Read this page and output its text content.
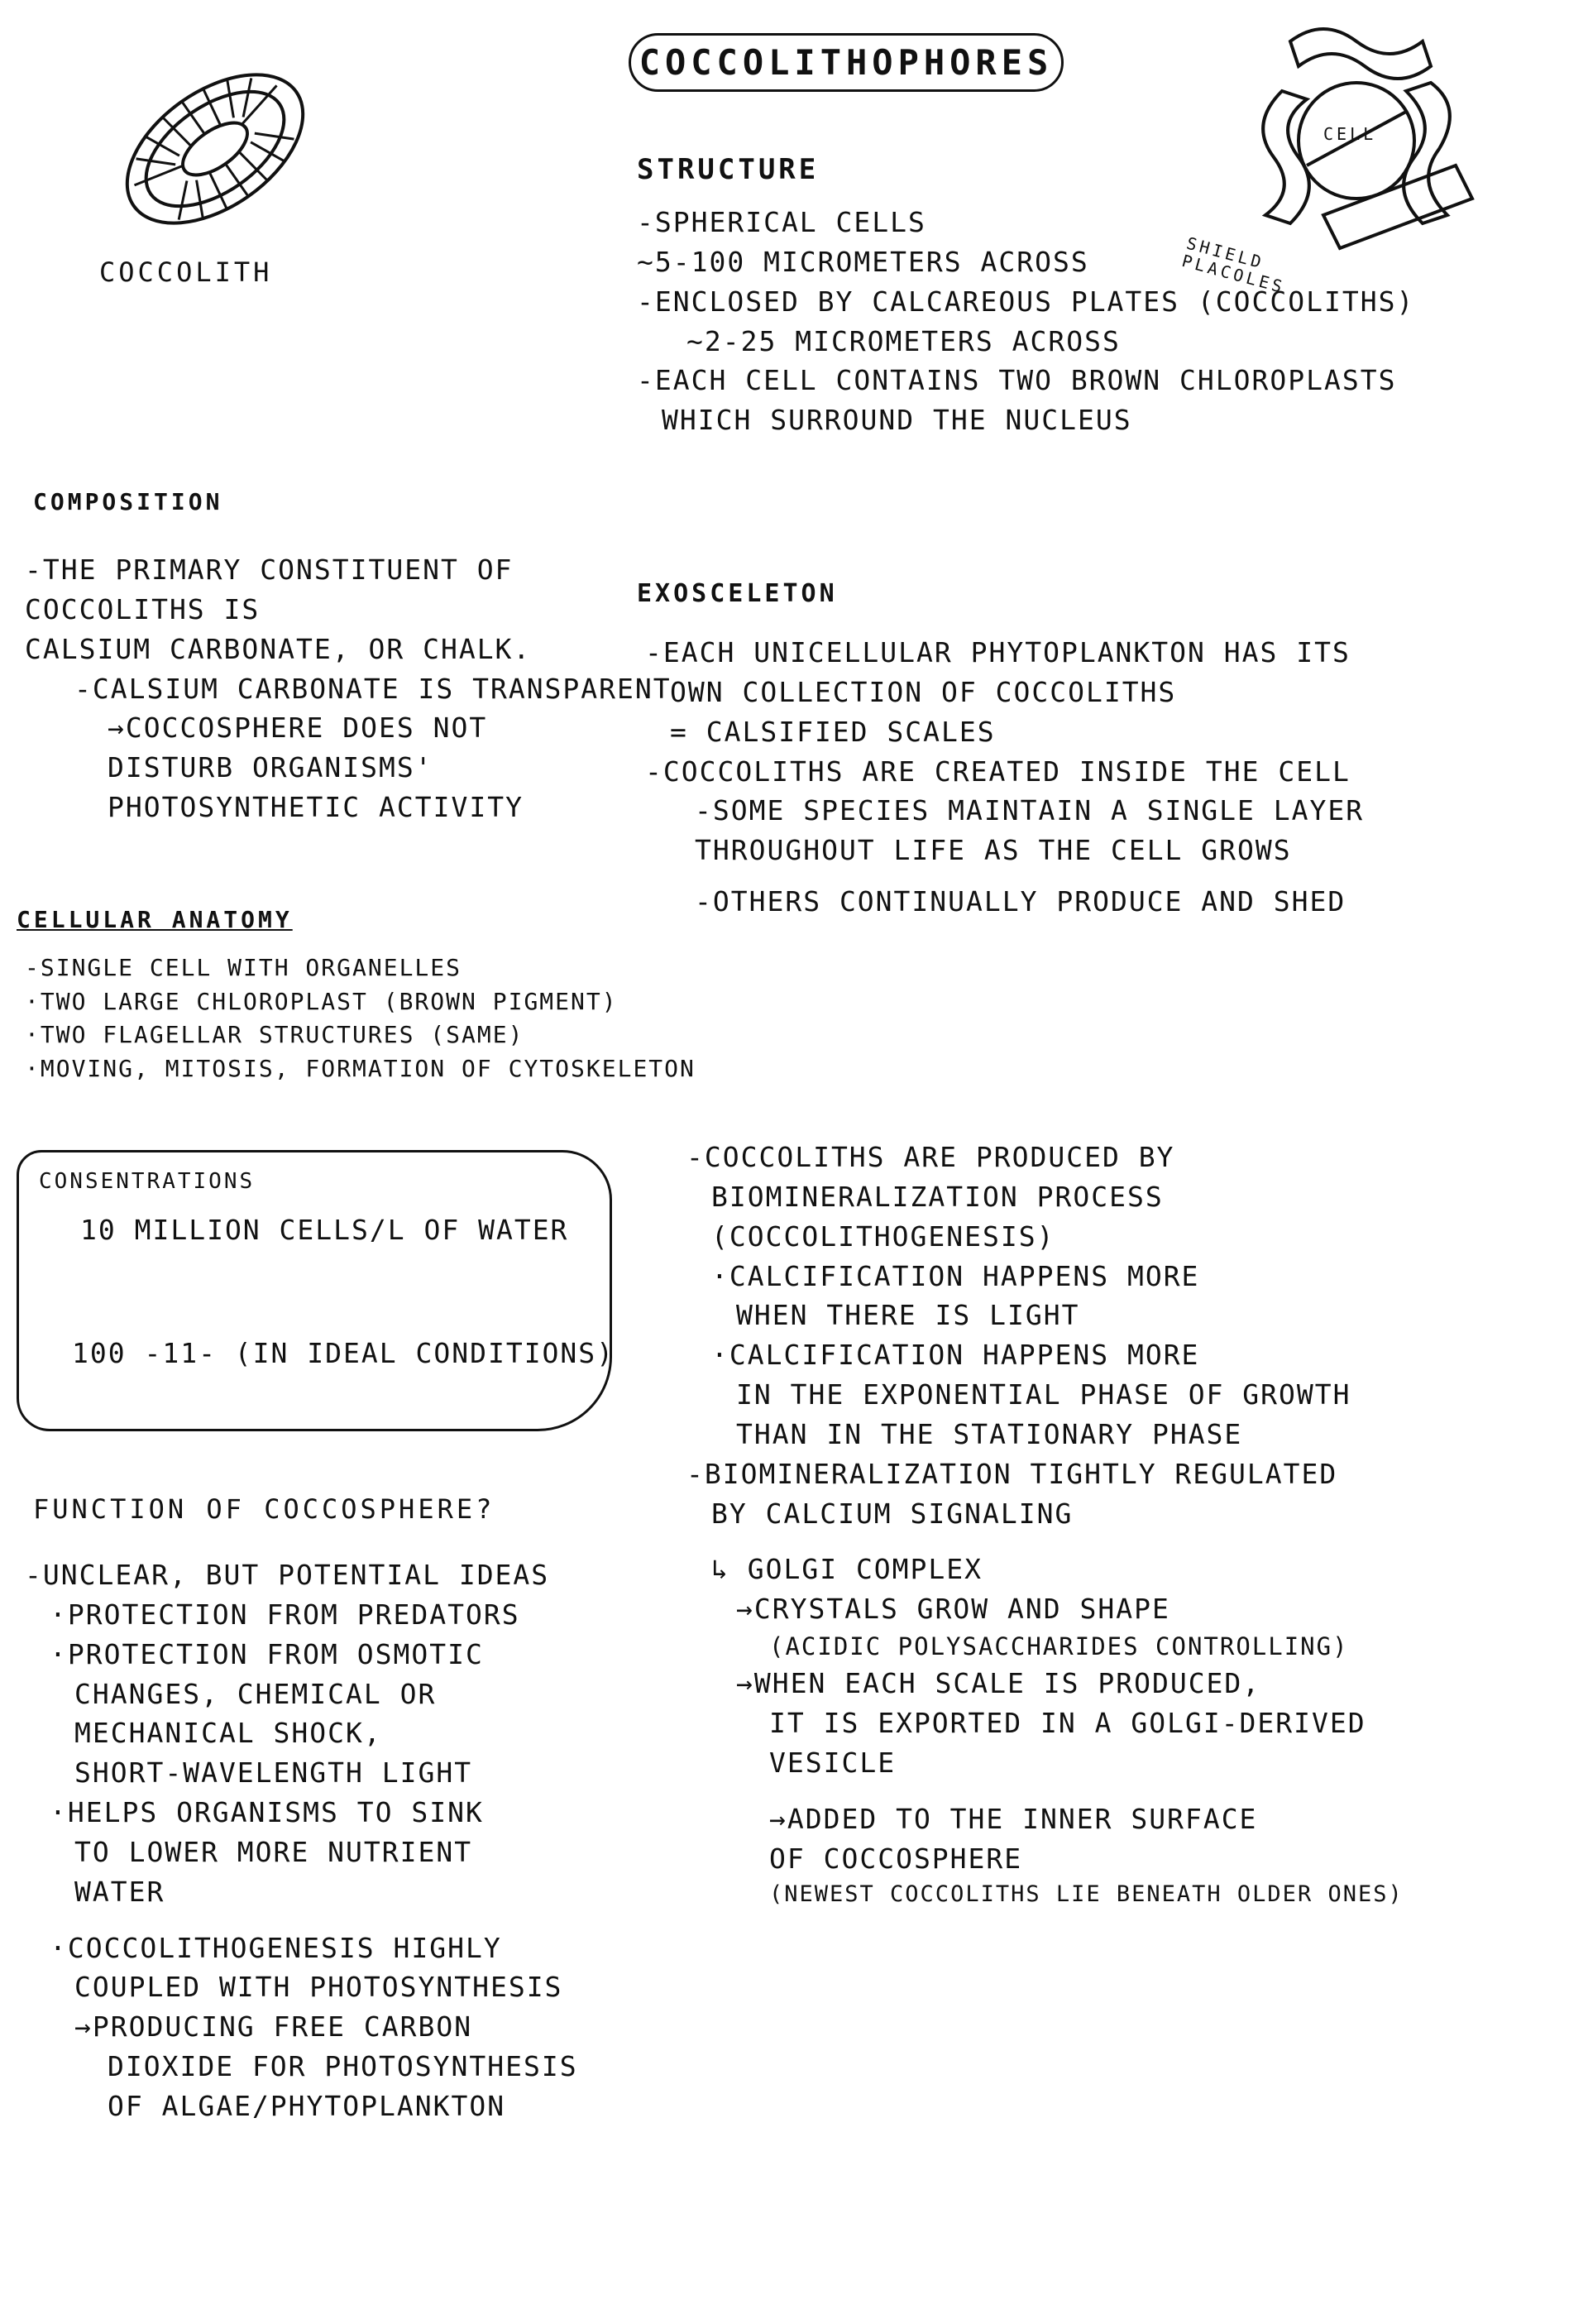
COCCOLITH
COCCOLITHOPHORES
CELL
SHIELD PLACOLES
STRUCTURE
-SPHERICAL CELLS
~5-100 MICROMETERS ACROSS
-ENCLOSED BY CALCAREOUS PLATES (COCCOLITHS)
~2-25 MICROMETERS ACROSS
-EACH CELL CONTAINS TWO BROWN CHLOROPLASTS
WHICH SURROUND THE NUCLEUS
COMPOSITION
-THE PRIMARY CONSTITUENT OF
COCCOLITHS IS
CALSIUM CARBONATE, OR CHALK.
-CALSIUM CARBONATE IS TRANSPARENT
→COCCOSPHERE DOES NOT
DISTURB ORGANISMS'
PHOTOSYNTHETIC ACTIVITY
CELLULAR ANATOMY
-SINGLE CELL WITH ORGANELLES
·TWO LARGE CHLOROPLAST (BROWN PIGMENT)
·TWO FLAGELLAR STRUCTURES (SAME)
·MOVING, MITOSIS, FORMATION OF CYTOSKELETON
CONSENTRATIONS
10 MILLION CELLS/L OF WATER
100 -11- (IN IDEAL CONDITIONS)
FUNCTION OF COCCOSPHERE?
-UNCLEAR, BUT POTENTIAL IDEAS
·PROTECTION FROM PREDATORS
·PROTECTION FROM OSMOTIC
CHANGES, CHEMICAL OR
MECHANICAL SHOCK,
SHORT-WAVELENGTH LIGHT
·HELPS ORGANISMS TO SINK
TO LOWER MORE NUTRIENT
WATER
·COCCOLITHOGENESIS HIGHLY
COUPLED WITH PHOTOSYNTHESIS
→PRODUCING FREE CARBON
DIOXIDE FOR PHOTOSYNTHESIS
OF ALGAE/PHYTOPLANKTON
EXOSCELETON
-EACH UNICELLULAR PHYTOPLANKTON HAS ITS
OWN COLLECTION OF COCCOLITHS
= CALSIFIED SCALES
-COCCOLITHS ARE CREATED INSIDE THE CELL
-SOME SPECIES MAINTAIN A SINGLE LAYER
THROUGHOUT LIFE AS THE CELL GROWS
-OTHERS CONTINUALLY PRODUCE AND SHED
-COCCOLITHS ARE PRODUCED BY
BIOMINERALIZATION PROCESS
(COCCOLITHOGENESIS)
·CALCIFICATION HAPPENS MORE
WHEN THERE IS LIGHT
·CALCIFICATION HAPPENS MORE
IN THE EXPONENTIAL PHASE OF GROWTH
THAN IN THE STATIONARY PHASE
-BIOMINERALIZATION TIGHTLY REGULATED
BY CALCIUM SIGNALING
↳ GOLGI COMPLEX
→CRYSTALS GROW AND SHAPE
(ACIDIC POLYSACCHARIDES CONTROLLING)
→WHEN EACH SCALE IS PRODUCED,
IT IS EXPORTED IN A GOLGI-DERIVED
VESICLE
→ADDED TO THE INNER SURFACE
OF COCCOSPHERE
(NEWEST COCCOLITHS LIE BENEATH OLDER ONES)
